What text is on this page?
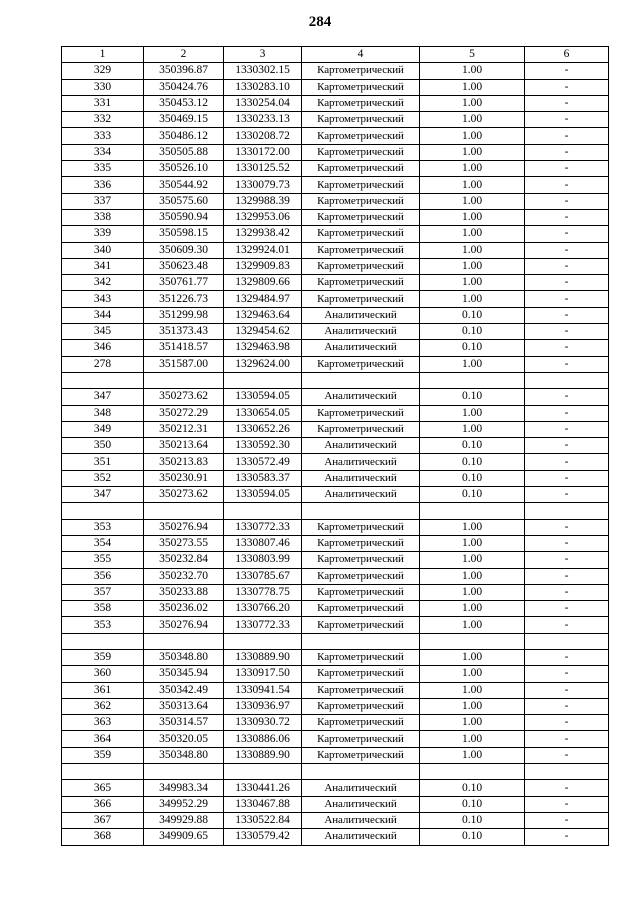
284
1	2	3	4	5	6
329	350396.87	1330302.15	Картометрический	1.00	-
330	350424.76	1330283.10	Картометрический	1.00	-
331	350453.12	1330254.04	Картометрический	1.00	-
332	350469.15	1330233.13	Картометрический	1.00	-
333	350486.12	1330208.72	Картометрический	1.00	-
334	350505.88	1330172.00	Картометрический	1.00	-
335	350526.10	1330125.52	Картометрический	1.00	-
336	350544.92	1330079.73	Картометрический	1.00	-
337	350575.60	1329988.39	Картометрический	1.00	-
338	350590.94	1329953.06	Картометрический	1.00	-
339	350598.15	1329938.42	Картометрический	1.00	-
340	350609.30	1329924.01	Картометрический	1.00	-
341	350623.48	1329909.83	Картометрический	1.00	-
342	350761.77	1329809.66	Картометрический	1.00	-
343	351226.73	1329484.97	Картометрический	1.00	-
344	351299.98	1329463.64	Аналитический	0.10	-
345	351373.43	1329454.62	Аналитический	0.10	-
346	351418.57	1329463.98	Аналитический	0.10	-
278	351587.00	1329624.00	Картометрический	1.00	-

347	350273.62	1330594.05	Аналитический	0.10	-
348	350272.29	1330654.05	Картометрический	1.00	-
349	350212.31	1330652.26	Картометрический	1.00	-
350	350213.64	1330592.30	Аналитический	0.10	-
351	350213.83	1330572.49	Аналитический	0.10	-
352	350230.91	1330583.37	Аналитический	0.10	-
347	350273.62	1330594.05	Аналитический	0.10	-

353	350276.94	1330772.33	Картометрический	1.00	-
354	350273.55	1330807.46	Картометрический	1.00	-
355	350232.84	1330803.99	Картометрический	1.00	-
356	350232.70	1330785.67	Картометрический	1.00	-
357	350233.88	1330778.75	Картометрический	1.00	-
358	350236.02	1330766.20	Картометрический	1.00	-
353	350276.94	1330772.33	Картометрический	1.00	-

359	350348.80	1330889.90	Картометрический	1.00	-
360	350345.94	1330917.50	Картометрический	1.00	-
361	350342.49	1330941.54	Картометрический	1.00	-
362	350313.64	1330936.97	Картометрический	1.00	-
363	350314.57	1330930.72	Картометрический	1.00	-
364	350320.05	1330886.06	Картометрический	1.00	-
359	350348.80	1330889.90	Картометрический	1.00	-

365	349983.34	1330441.26	Аналитический	0.10	-
366	349952.29	1330467.88	Аналитический	0.10	-
367	349929.88	1330522.84	Аналитический	0.10	-
368	349909.65	1330579.42	Аналитический	0.10	-
